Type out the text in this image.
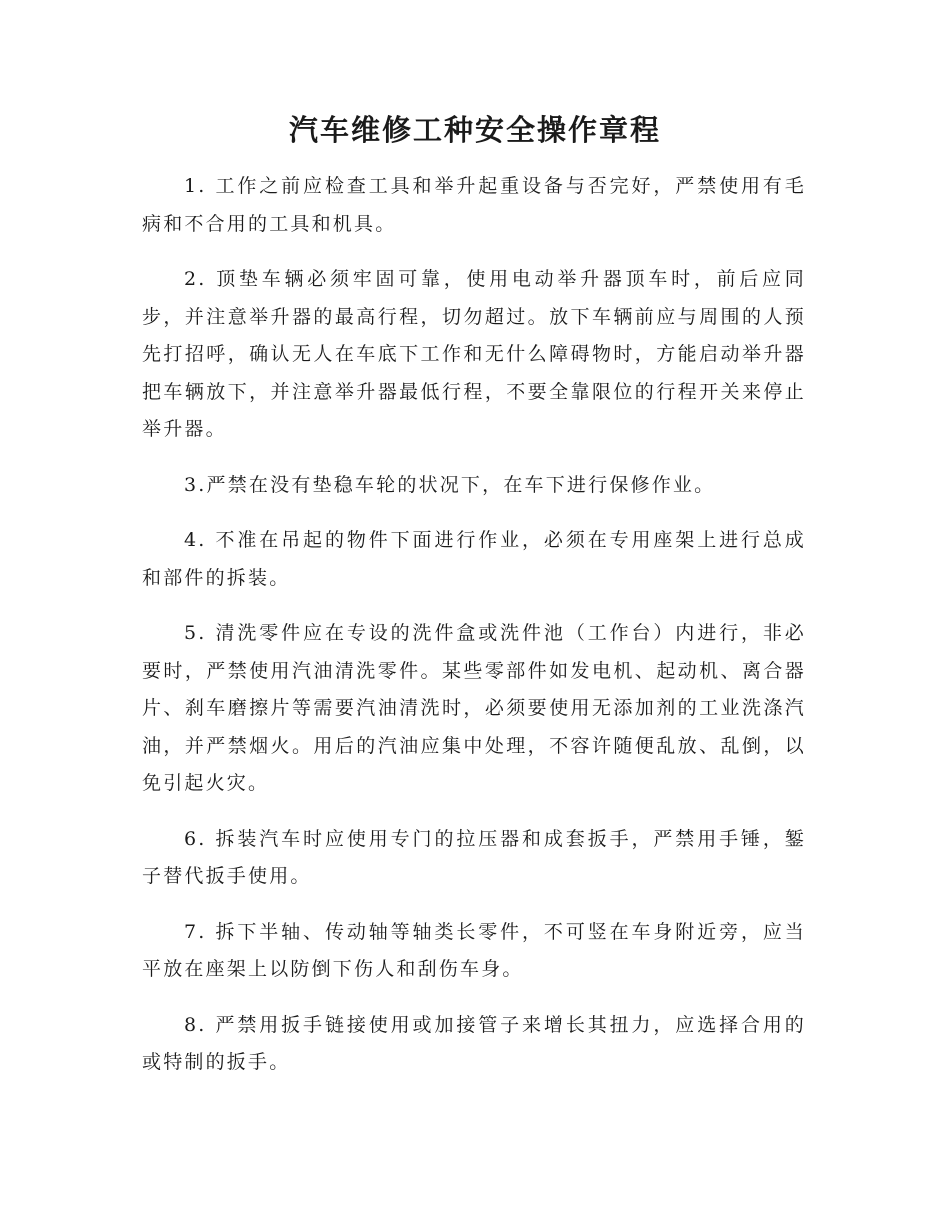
汽车维修工种安全操作章程

1. 工作之前应检查工具和举升起重设备与否完好，严禁使用有毛病和不合用的工具和机具。

2. 顶垫车辆必须牢固可靠，使用电动举升器顶车时，前后应同步，并注意举升器的最高行程，切勿超过。放下车辆前应与周围的人预先打招呼，确认无人在车底下工作和无什么障碍物时，方能启动举升器把车辆放下，并注意举升器最低行程，不要全靠限位的行程开关来停止举升器。

3.严禁在没有垫稳车轮的状况下，在车下进行保修作业。

4. 不准在吊起的物件下面进行作业，必须在专用座架上进行总成和部件的拆装。

5. 清洗零件应在专设的洗件盒或洗件池（工作台）内进行，非必要时，严禁使用汽油清洗零件。某些零部件如发电机、起动机、离合器片、刹车磨擦片等需要汽油清洗时，必须要使用无添加剂的工业洗涤汽油，并严禁烟火。用后的汽油应集中处理，不容许随便乱放、乱倒，以免引起火灾。

6. 拆装汽车时应使用专门的拉压器和成套扳手，严禁用手锤，錾子替代扳手使用。

7. 拆下半轴、传动轴等轴类长零件，不可竖在车身附近旁，应当平放在座架上以防倒下伤人和刮伤车身。

8. 严禁用扳手链接使用或加接管子来增长其扭力，应选择合用的或特制的扳手。
